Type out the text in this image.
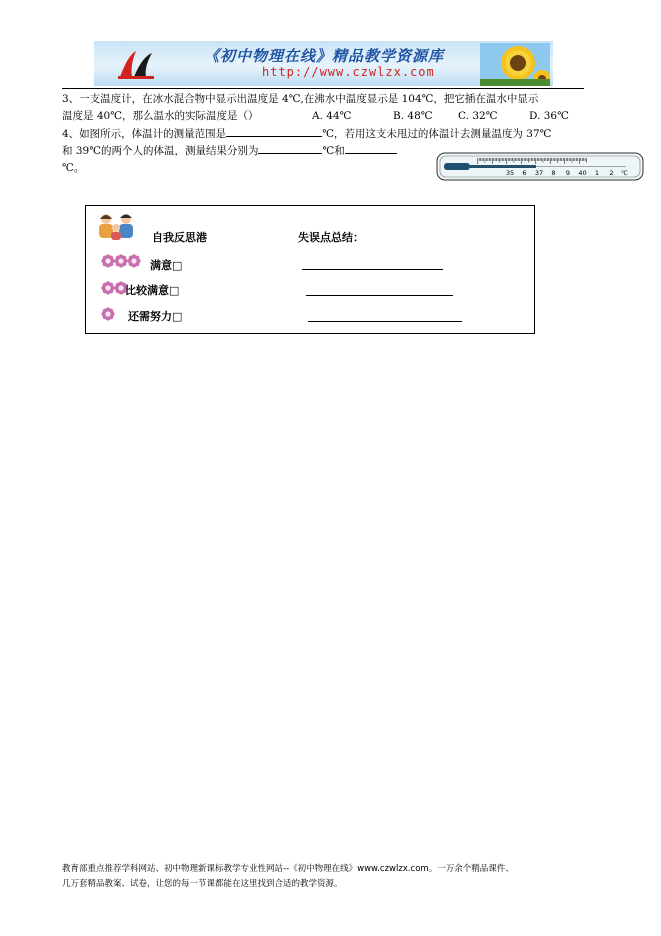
《初中物理在线》精品教学资源库
http://www.czwlzx.com
3、一支温度计，在冰水混合物中显示出温度是 4℃,在沸水中温度显示是 104℃，把它插在温水中显示
温度是 40℃，那么温水的实际温度是（）	A. 44℃	B. 48℃ C. 32℃	D. 36℃
4、如图所示，体温计的测量范围是	℃，若用这支未甩过的体温计去测量温度为 37℃
和 39℃的两个人的体温，测量结果分别为	℃和
℃。	35 6 37 8 9 40 1 2 ℃
自我反思港	失误点总结：
满意□
比较满意□
还需努力□
教育部重点推荐学科网站、初中物理新课标教学专业性网站--《初中物理在线》www.czwlzx.com。一万余个精品课件、
几万套精品教案、试卷，让您的每一节课都能在这里找到合适的教学资源。
